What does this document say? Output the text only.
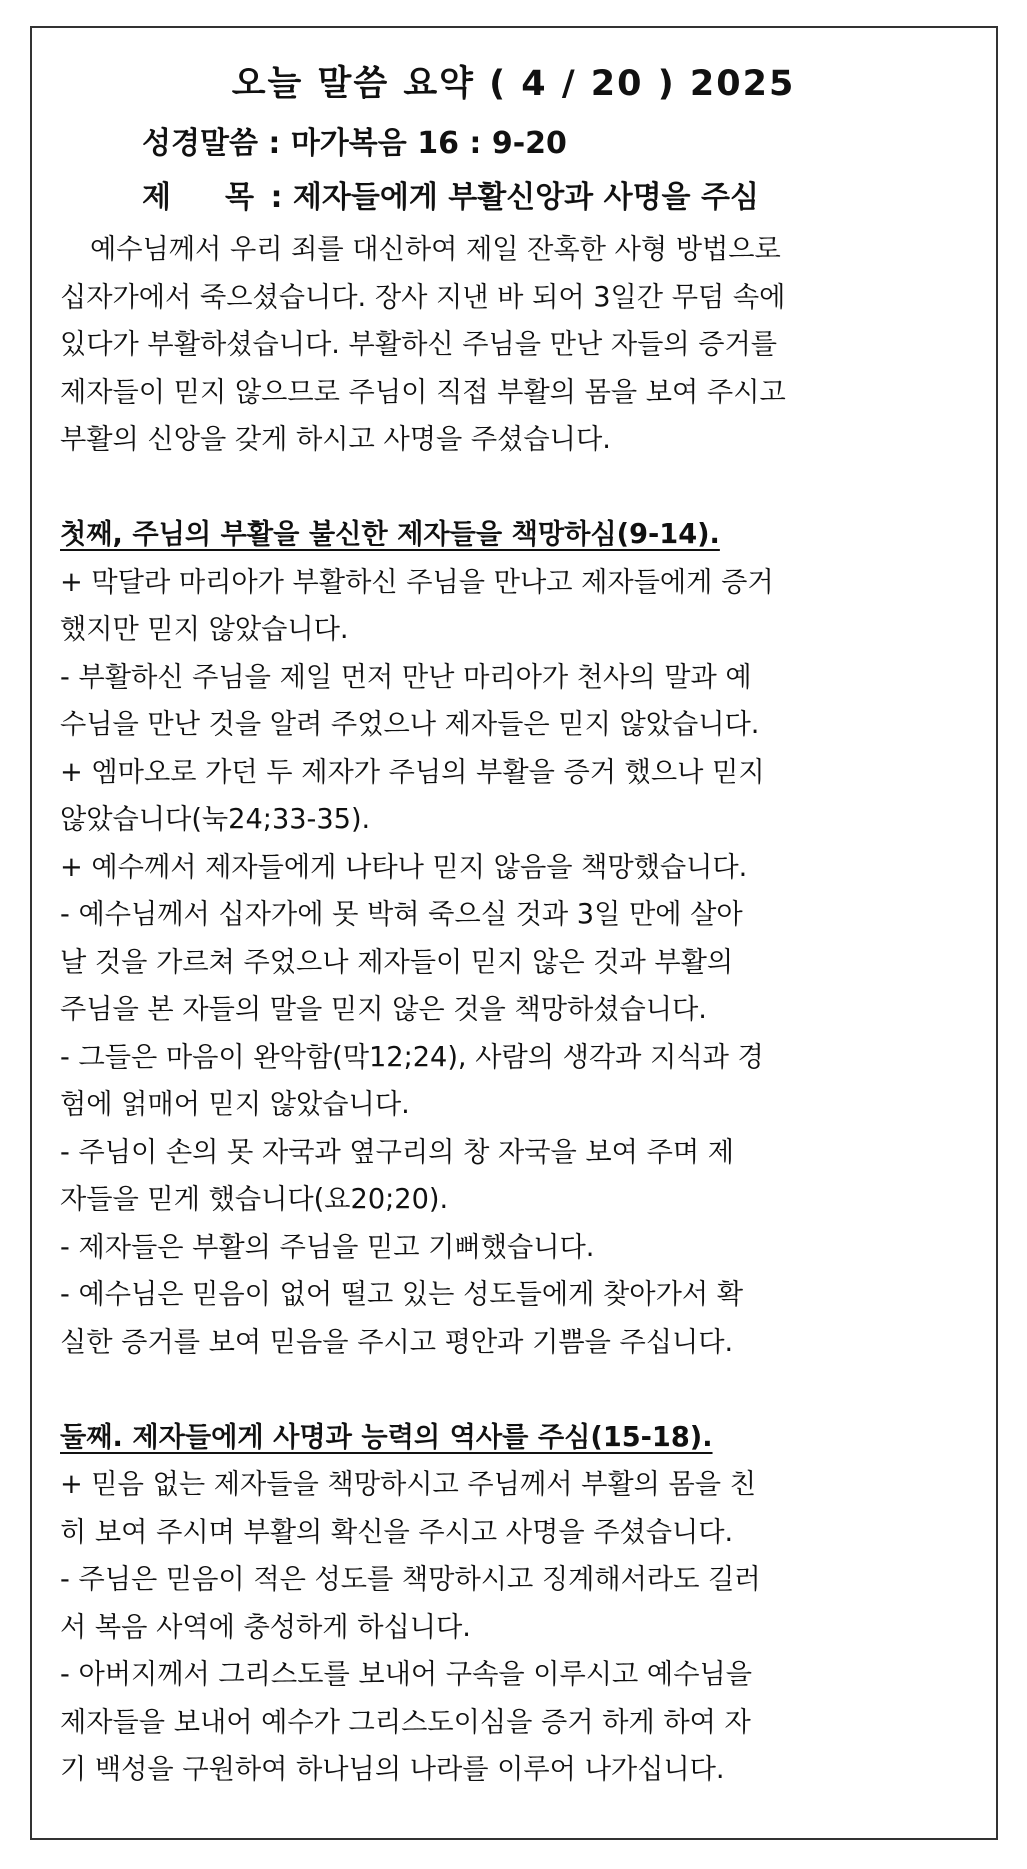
오늘 말씀 요약 ( 4 / 20 ) 2025
성경말씀 : 마가복음 16 : 9-20
제 목 : 제자들에게 부활신앙과 사명을 주심
예수님께서 우리 죄를 대신하여 제일 잔혹한 사형 방법으로
십자가에서 죽으셨습니다. 장사 지낸 바 되어 3일간 무덤 속에
있다가 부활하셨습니다. 부활하신 주님을 만난 자들의 증거를
제자들이 믿지 않으므로 주님이 직접 부활의 몸을 보여 주시고
부활의 신앙을 갖게 하시고 사명을 주셨습니다.
첫째, 주님의 부활을 불신한 제자들을 책망하심(9-14).
+ 막달라 마리아가 부활하신 주님을 만나고 제자들에게 증거
했지만 믿지 않았습니다.
- 부활하신 주님을 제일 먼저 만난 마리아가 천사의 말과 예
수님을 만난 것을 알려 주었으나 제자들은 믿지 않았습니다.
+ 엠마오로 가던 두 제자가 주님의 부활을 증거 했으나 믿지
않았습니다(눅24;33-35).
+ 예수께서 제자들에게 나타나 믿지 않음을 책망했습니다.
- 예수님께서 십자가에 못 박혀 죽으실 것과 3일 만에 살아
날 것을 가르쳐 주었으나 제자들이 믿지 않은 것과 부활의
주님을 본 자들의 말을 믿지 않은 것을 책망하셨습니다.
- 그들은 마음이 완악함(막12;24), 사람의 생각과 지식과 경
험에 얽매어 믿지 않았습니다.
- 주님이 손의 못 자국과 옆구리의 창 자국을 보여 주며 제
자들을 믿게 했습니다(요20;20).
- 제자들은 부활의 주님을 믿고 기뻐했습니다.
- 예수님은 믿음이 없어 떨고 있는 성도들에게 찾아가서 확
실한 증거를 보여 믿음을 주시고 평안과 기쁨을 주십니다.
둘째. 제자들에게 사명과 능력의 역사를 주심(15-18).
+ 믿음 없는 제자들을 책망하시고 주님께서 부활의 몸을 친
히 보여 주시며 부활의 확신을 주시고 사명을 주셨습니다.
- 주님은 믿음이 적은 성도를 책망하시고 징계해서라도 길러
서 복음 사역에 충성하게 하십니다.
- 아버지께서 그리스도를 보내어 구속을 이루시고 예수님을
제자들을 보내어 예수가 그리스도이심을 증거 하게 하여 자
기 백성을 구원하여 하나님의 나라를 이루어 나가십니다.
